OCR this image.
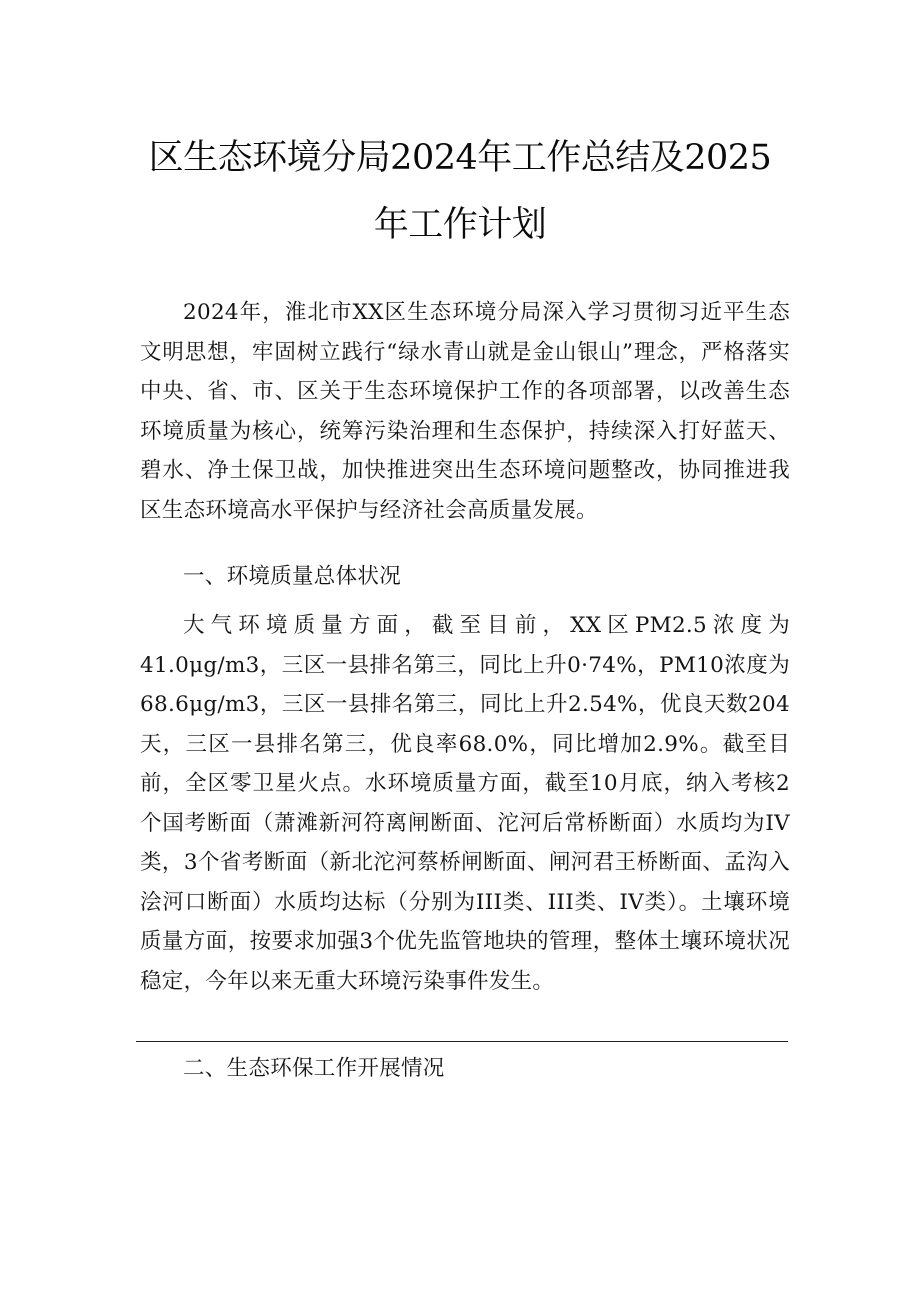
区生态环境分局2024年工作总结及2025
年工作计划
2024年，淮北市XX区生态环境分局深入学习贯彻习近平生态文明思想，牢固树立践行“绿水青山就是金山银山”理念，严格落实中央、省、市、区关于生态环境保护工作的各项部署，以改善生态环境质量为核心，统筹污染治理和生态保护，持续深入打好蓝天、碧水、净土保卫战，加快推进突出生态环境问题整改，协同推进我区生态环境高水平保护与经济社会高质量发展。
一、环境质量总体状况
大气环境质量方面，截至目前，XX区PM2.5浓度为41.0μg/m3，三区一县排名第三，同比上升0·74%，PM10浓度为68.6μg/m3，三区一县排名第三，同比上升2.54%，优良天数204天，三区一县排名第三，优良率68.0%，同比增加2.9%。截至目前，全区零卫星火点。水环境质量方面，截至10月底，纳入考核2个国考断面（萧滩新河符离闸断面、沱河后常桥断面）水质均为IV类，3个省考断面（新北沱河蔡桥闸断面、闸河君王桥断面、孟沟入浍河口断面）水质均达标（分别为III类、III类、IV类）。土壤环境质量方面，按要求加强3个优先监管地块的管理，整体土壤环境状况稳定，今年以来无重大环境污染事件发生。
二、生态环保工作开展情况
